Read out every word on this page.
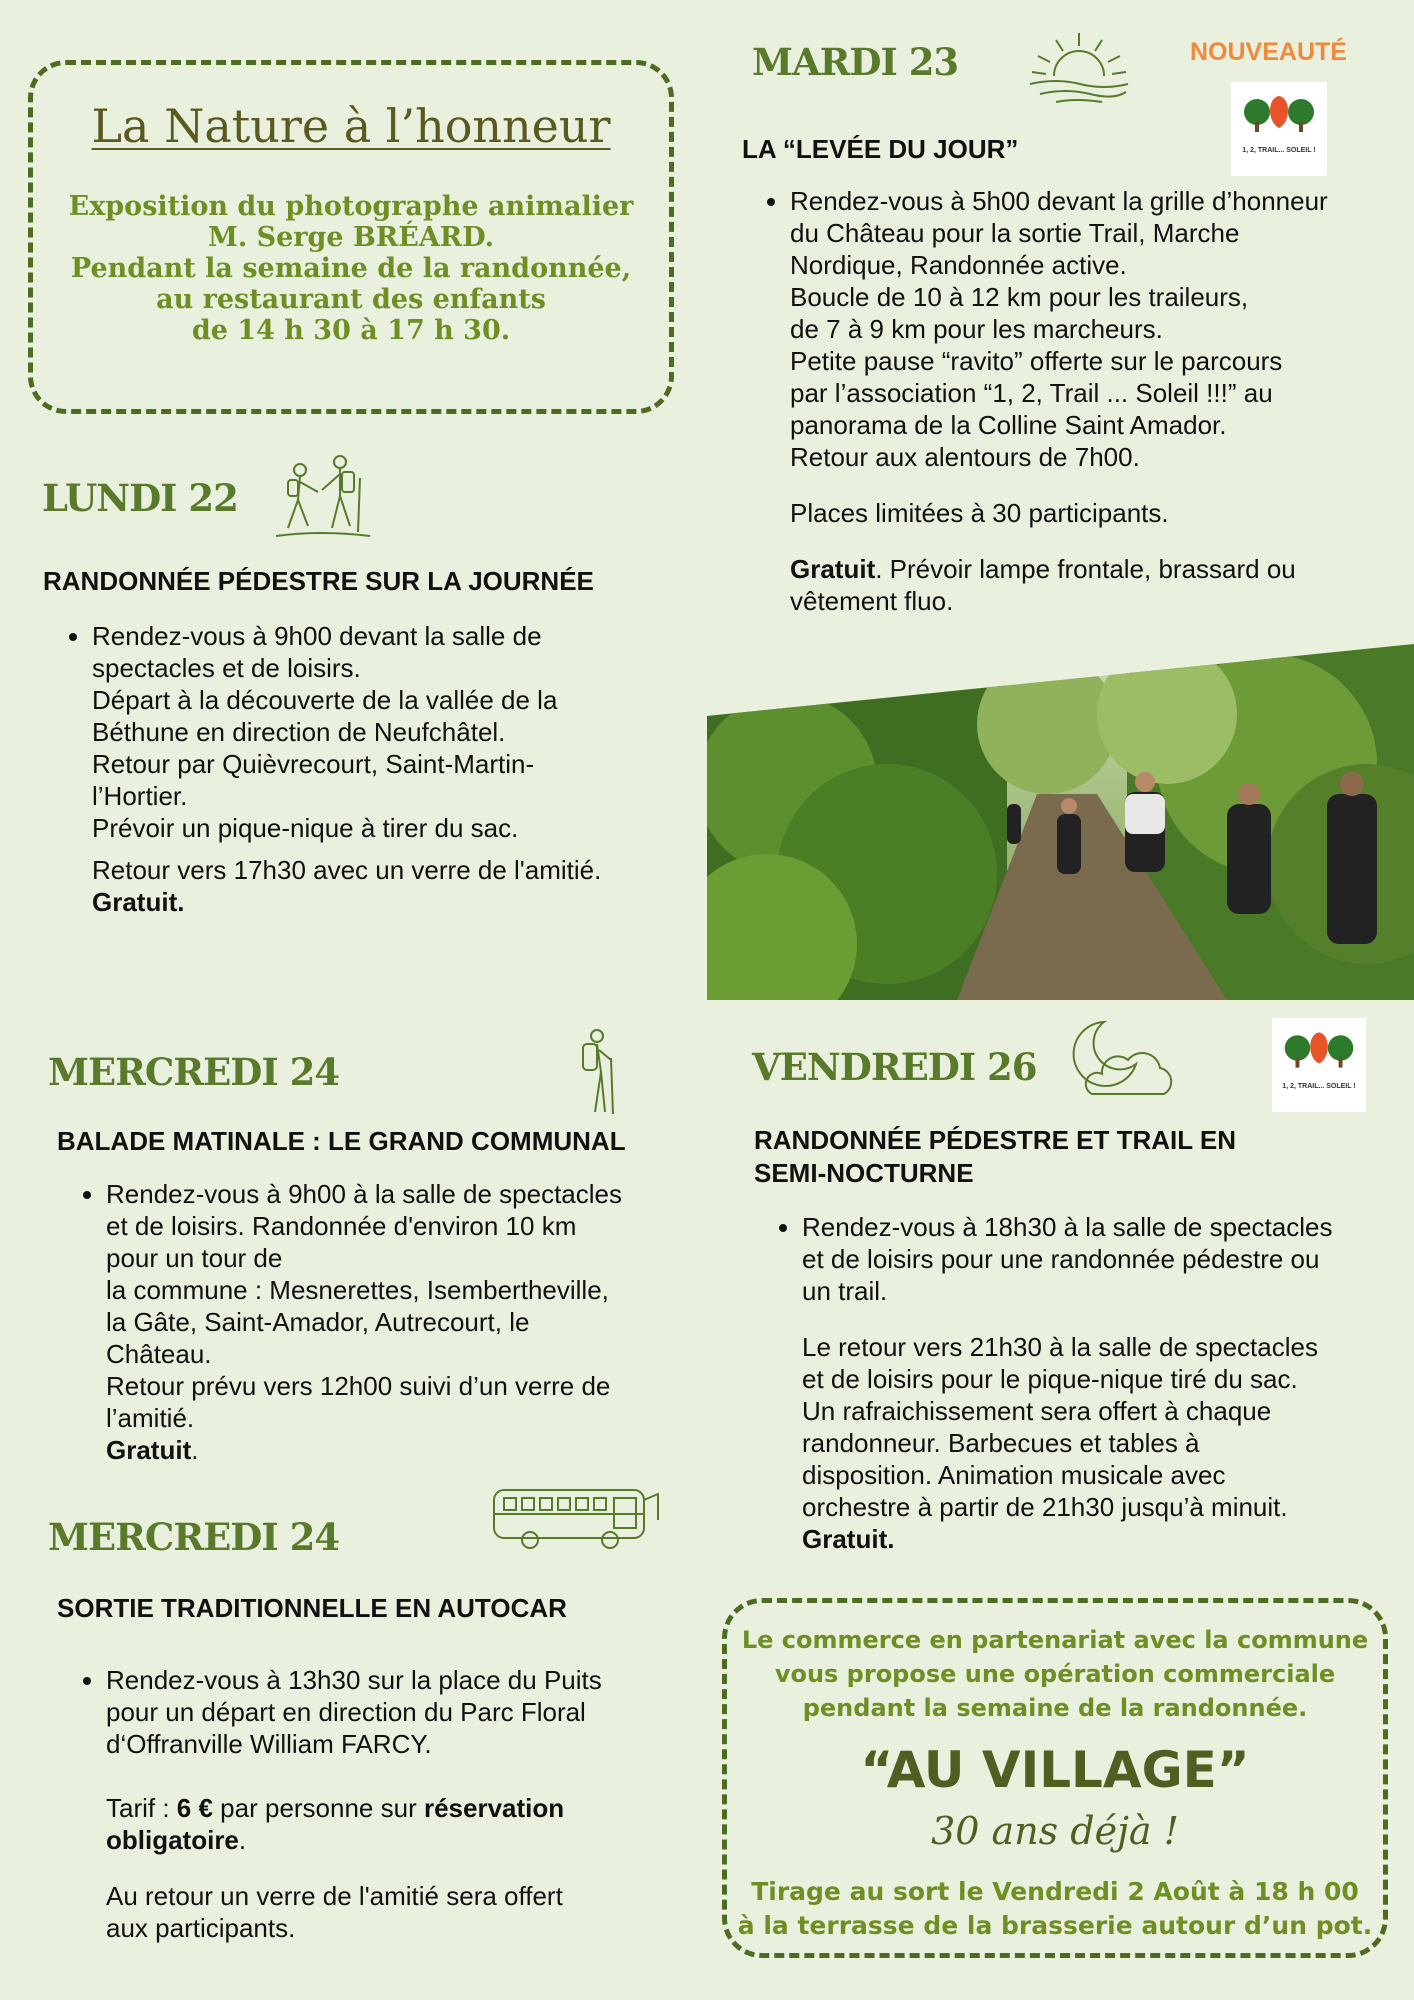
La Nature à l’honneur
Exposition du photographe animalier
M. Serge BRÉARD.
Pendant la semaine de la randonnée,
au restaurant des enfants
de 14 h 30 à 17 h 30.
MARDI 23	NOUVEAUTÉ
1, 2, TRAIL... SOLEIL !
LA “LEVÉE DU JOUR”
• Rendez-vous à 5h00 devant la grille d’honneur
du Château pour la sortie Trail, Marche
Nordique, Randonnée active.
Boucle de 10 à 12 km pour les traileurs,
de 7 à 9 km pour les marcheurs.
Petite pause “ravito” offerte sur le parcours
par l’association “1, 2, Trail ... Soleil !!!” au
panorama de la Colline Saint Amador.
Retour aux alentours de 7h00.

Places limitées à 30 participants.

Gratuit. Prévoir lampe frontale, brassard ou
vêtement fluo.

LUNDI 22
RANDONNÉE PÉDESTRE SUR LA JOURNÉE
• Rendez-vous à 9h00 devant la salle de
spectacles et de loisirs.
Départ à la découverte de la vallée de la
Béthune en direction de Neufchâtel.
Retour par Quièvrecourt, Saint-Martin-
l’Hortier.
Prévoir un pique-nique à tirer du sac.
Retour vers 17h30 avec un verre de l'amitié.
Gratuit.
MERCREDI 24
BALADE MATINALE : LE GRAND COMMUNAL
• Rendez-vous à 9h00 à la salle de spectacles
et de loisirs. Randonnée d'environ 10 km
pour un tour de
la commune : Mesnerettes, Isembertheville,
la Gâte, Saint-Amador, Autrecourt, le
Château.
Retour prévu vers 12h00 suivi d’un verre de
l’amitié.
Gratuit.
MERCREDI 24
SORTIE TRADITIONNELLE EN AUTOCAR
• Rendez-vous à 13h30 sur la place du Puits
pour un départ en direction du Parc Floral
d‘Offranville William FARCY.
Tarif : 6 € par personne sur réservation
obligatoire.
Au retour un verre de l'amitié sera offert
aux participants.
VENDREDI 26	1, 2, TRAIL... SOLEIL !
RANDONNÉE PÉDESTRE ET TRAIL EN
SEMI-NOCTURNE
• Rendez-vous à 18h30 à la salle de spectacles
et de loisirs pour une randonnée pédestre ou
un trail.
Le retour vers 21h30 à la salle de spectacles
et de loisirs pour le pique-nique tiré du sac.
Un rafraichissement sera offert à chaque
randonneur. Barbecues et tables à
disposition. Animation musicale avec
orchestre à partir de 21h30 jusqu’à minuit.
Gratuit.
Le commerce en partenariat avec la commune
vous propose une opération commerciale
pendant la semaine de la randonnée.
“AU VILLAGE”
30 ans déjà !
Tirage au sort le Vendredi 2 Août à 18 h 00
à la terrasse de la brasserie autour d’un pot.
